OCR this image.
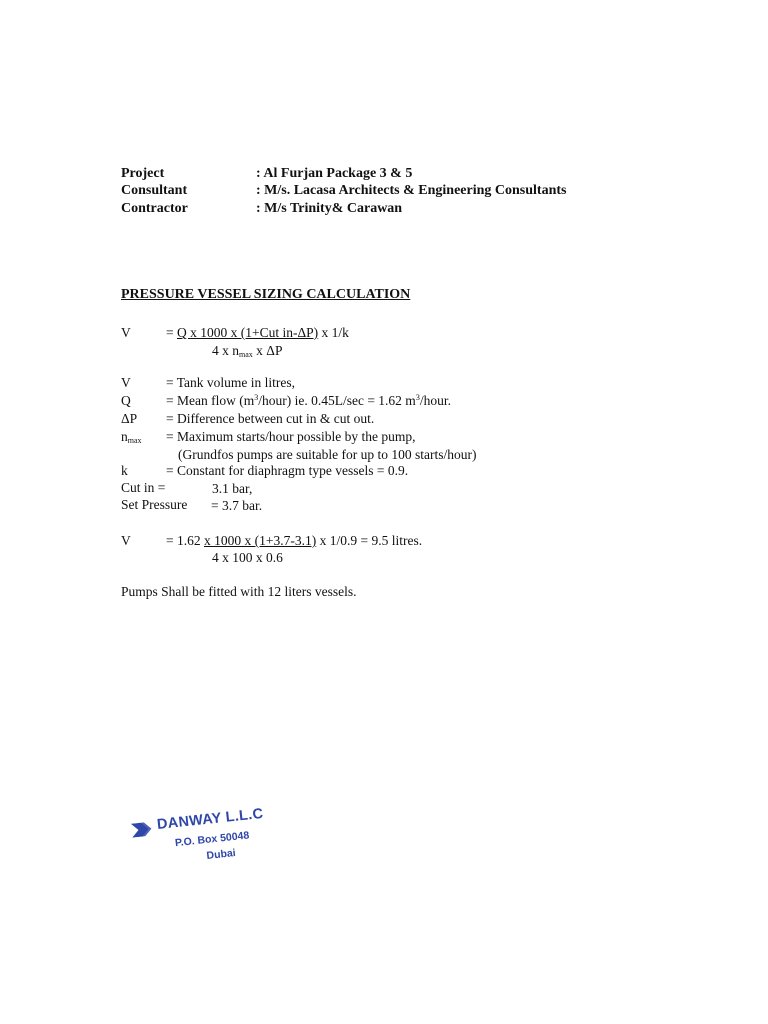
Project	: Al Furjan Package 3 & 5
Consultant	: M/s. Lacasa Architects & Engineering Consultants
Contractor	: M/s Trinity& Carawan
PRESSURE VESSEL SIZING CALCULATION
V	= Q x 1000 x (1+Cut in-ΔP) x 1/k
4 x $n_{max}$ x ΔP
V	= Tank volume in litres,
Q	= Mean flow $(m^3/hour)$ ie. 0.45L/sec = 1.62 $m^3$/hour.
ΔP = Difference between cut in & cut out.
$n_{max}$ = Maximum starts/hour possible by the pump,
(Grundfos pumps are suitable for up to 100 starts/hour)
k	= Constant for diaphragm type vessels = 0.9.
Cut in =	3.1 bar,
Set Pressure = 3.7 bar.
V	= 1.62 x 1000 x (1+3.7-3.1) x 1/0.9 = 9.5 litres.
4 x 100 x 0.6
Pumps Shall be fitted with 12 liters vessels.
DANWAY L.L.C
P.O. Box 50048
Dubai
